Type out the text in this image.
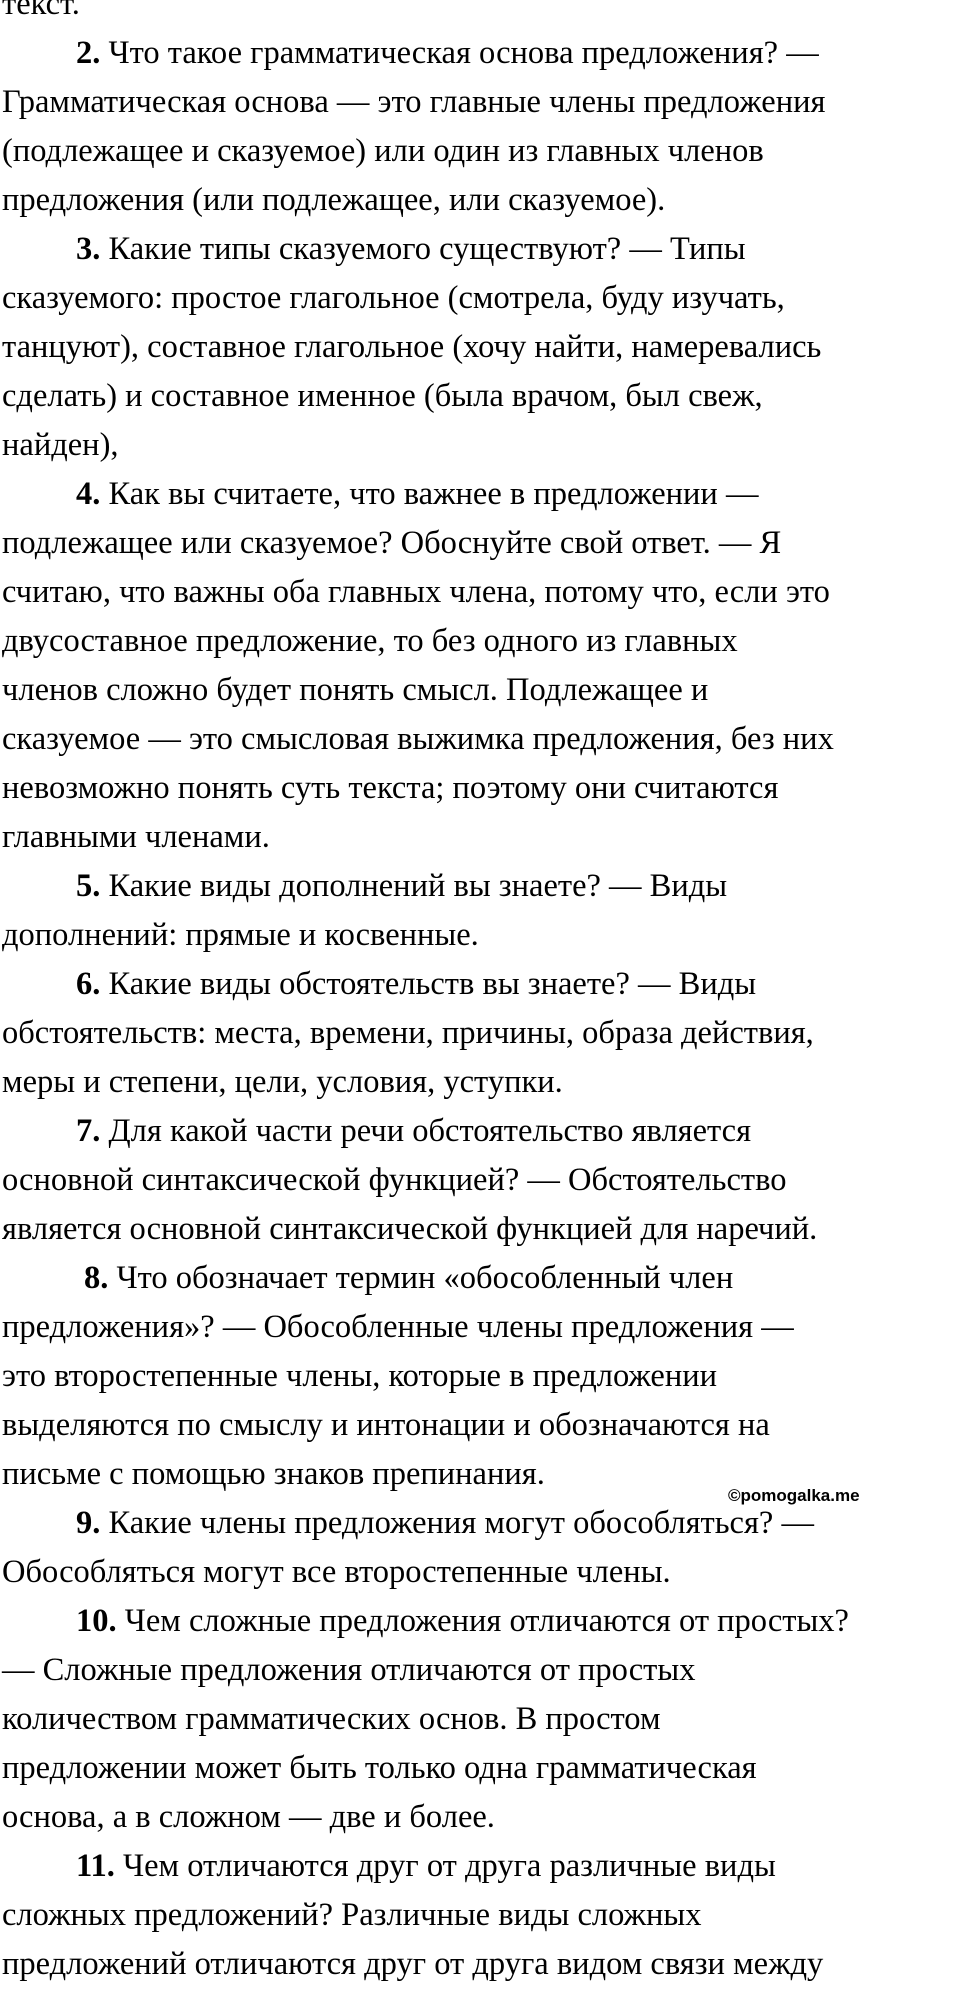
текст.
2. Что такое грамматическая основа предложения? —
Грамматическая основа — это главные члены предложения
(подлежащее и сказуемое) или один из главных членов
предложения (или подлежащее, или сказуемое).
3. Какие типы сказуемого существуют? — Типы
сказуемого: простое глагольное (смотрела, буду изучать,
танцуют), составное глагольное (хочу найти, намеревались
сделать) и составное именное (была врачом, был свеж,
найден),
4. Как вы считаете, что важнее в предложении —
подлежащее или сказуемое? Обоснуйте свой ответ. — Я
считаю, что важны оба главных члена, потому что, если это
двусоставное предложение, то без одного из главных
членов сложно будет понять смысл. Подлежащее и
сказуемое — это смысловая выжимка предложения, без них
невозможно понять суть текста; поэтому они считаются
главными членами.
5. Какие виды дополнений вы знаете? — Виды
дополнений: прямые и косвенные.
6. Какие виды обстоятельств вы знаете? — Виды
обстоятельств: места, времени, причины, образа действия,
меры и степени, цели, условия, уступки.
7. Для какой части речи обстоятельство является
основной синтаксической функцией? — Обстоятельство
является основной синтаксической функцией для наречий.
8. Что обозначает термин «обособленный член
предложения»? — Обособленные члены предложения —
это второстепенные члены, которые в предложении
выделяются по смыслу и интонации и обозначаются на
письме с помощью знаков препинания.
9. Какие члены предложения могут обособляться? —
Обособляться могут все второстепенные члены.
10. Чем сложные предложения отличаются от простых?
— Сложные предложения отличаются от простых
количеством грамматических основ. В простом
предложении может быть только одна грамматическая
основа, а в сложном — две и более.
11. Чем отличаются друг от друга различные виды
сложных предложений? Различные виды сложных
предложений отличаются друг от друга видом связи между
©pomogalka.me
